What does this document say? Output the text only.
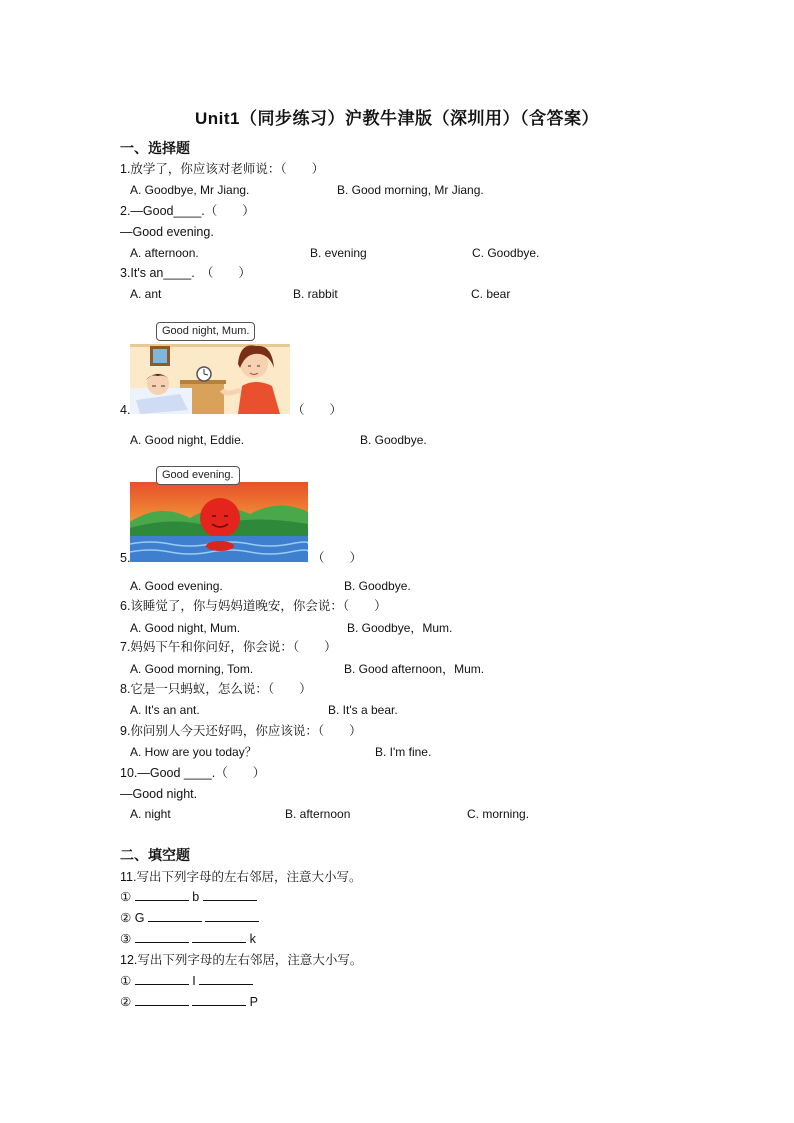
Unit1（同步练习）沪教牛津版（深圳用）（含答案）
一、选择题
1.放学了，你应该对老师说：（　　）
A. Goodbye, Mr Jiang.	B. Good morning, Mr Jiang.
2.—Good____.（　　）
—Good evening.
A. afternoon.	B. evening	C. Goodbye.
3.It's an____.　（　　）
A. ant	B. rabbit	C. bear
Good night, Mum.
4.	（　　）
A. Good night, Eddie.	B. Goodbye.
Good evening.
5.	（　　）
A. Good evening.	B. Goodbye.
6.该睡觉了，你与妈妈道晚安，你会说：（　　）
A. Good night, Mum.	B. Goodbye，Mum.
7.妈妈下午和你问好，你会说：（　　）
A. Good morning, Tom.	B. Good afternoon，Mum.
8.它是一只蚂蚁，怎么说：（　　）
A. It's an ant.	B. It's a bear.
9.你问别人今天还好吗，你应该说：（　　）
A. How are you today？	B. I'm fine.
10.—Good ____.（　　）
—Good night.
A. night	B. afternoon	C. morning.
二、填空题
11.写出下列字母的左右邻居，注意大小写。
①	b
② G
③	k
12.写出下列字母的左右邻居，注意大小写。
①	I
②	P
